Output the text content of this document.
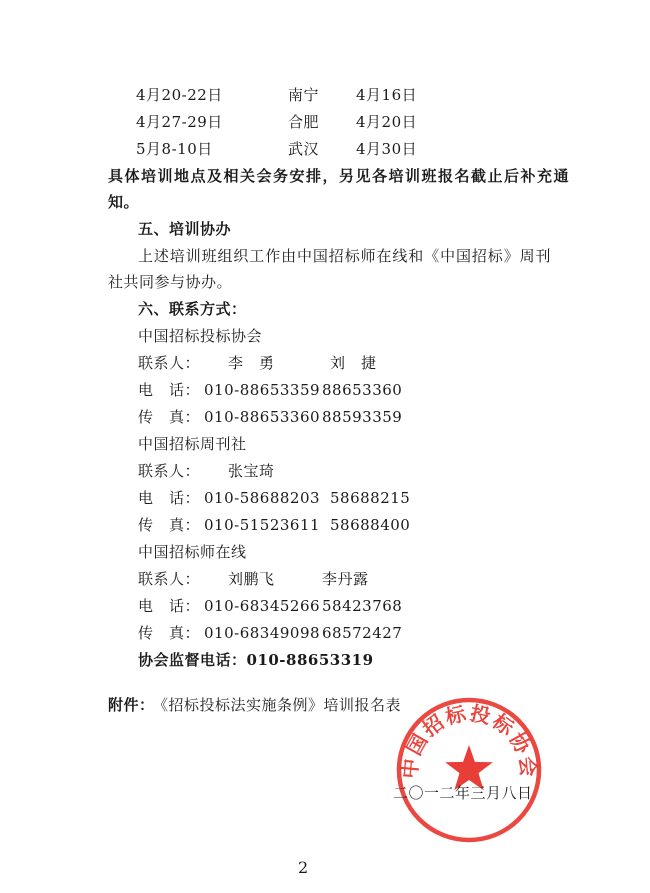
4月20-22日	南宁 4月16日
4月27-29日	合肥 4月20日
5月8-10日	武汉 4月30日
具体培训地点及相关会务安排，另见各培训班报名截止后补充通
知。
五、培训协办
上述培训班组织工作由中国招标师在线和《中国招标》周刊
社共同参与协办。
六、联系方式：
中国招标投标协会
联系人： 李　勇	刘　捷
电　话： 010-88653359 88653360
传　真： 010-88653360 88593359
中国招标周刊社
联系人： 张宝琦
电　话： 010-58688203 58688215
传　真： 010-51523611 58688400
中国招标师在线
联系人： 刘鹏飞	李丹露
电　话： 010-68345266 58423768
传　真： 010-68349098 68572427
协会监督电话：010-88653319
附件：
《招标投标法实施条例》培训报名表
中国招标投标协会
二〇一二年三月八日
2
